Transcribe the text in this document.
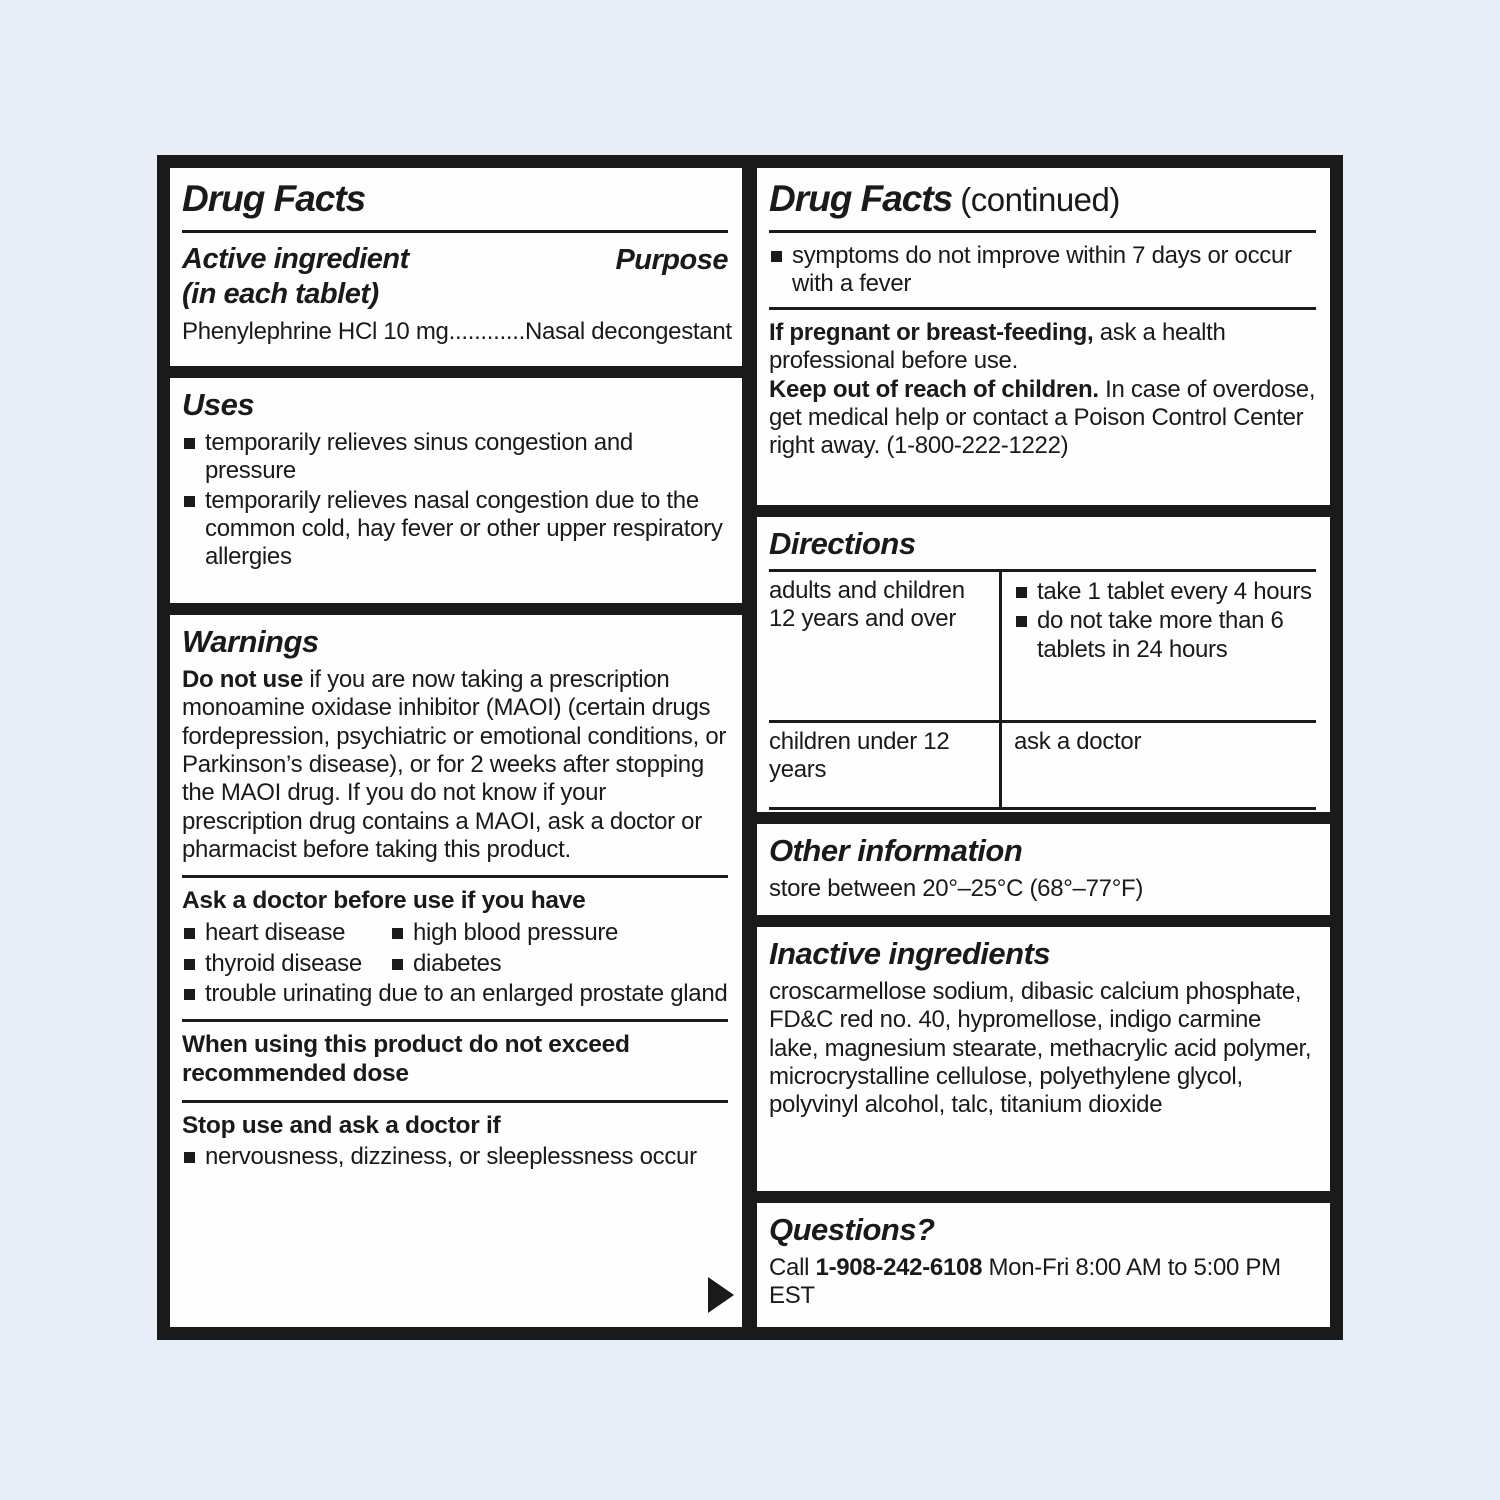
Drug Facts
Active ingredient
(in each tablet)
Purpose
Phenylephrine HCl 10 mg............ Nasal decongestant
Uses
temporarily relieves sinus congestion and pressure
temporarily relieves nasal congestion due to the common cold, hay fever or other upper respiratory allergies
Warnings
Do not use if you are now taking a prescription monoamine oxidase inhibitor (MAOI) (certain drugs fordepression, psychiatric or emotional conditions, or Parkinson’s disease), or for 2 weeks after stopping the MAOI drug. If you do not know if your prescription drug contains a MAOI, ask a doctor or pharmacist before taking this product.
Ask a doctor before use if you have
heart disease	high blood pressure
thyroid disease diabetes
trouble urinating due to an enlarged prostate gland
When using this product do not exceed recommended dose
Stop use and ask a doctor if
nervousness, dizziness, or sleeplessness occur
Drug Facts (continued)
symptoms do not improve within 7 days or occur with a fever
If pregnant or breast-feeding, ask a health professional before use.
Keep out of reach of children. In case of overdose, get medical help or contact a Poison Control Center right away. (1-800-222-1222)
Directions
adults and children 12 years and over
take 1 tablet every 4 hours
do not take more than 6 tablets in 24 hours
children under 12 years
ask a doctor
Other information
store between 20°–25°C (68°–77°F)
Inactive ingredients
croscarmellose sodium, dibasic calcium phosphate, FD&C red no. 40, hypromellose, indigo carmine lake, magnesium stearate, methacrylic acid polymer, microcrystalline cellulose, polyethylene glycol, polyvinyl alcohol, talc, titanium dioxide
Questions?
Call 1-908-242-6108 Mon-Fri 8:00 AM to 5:00 PM EST
